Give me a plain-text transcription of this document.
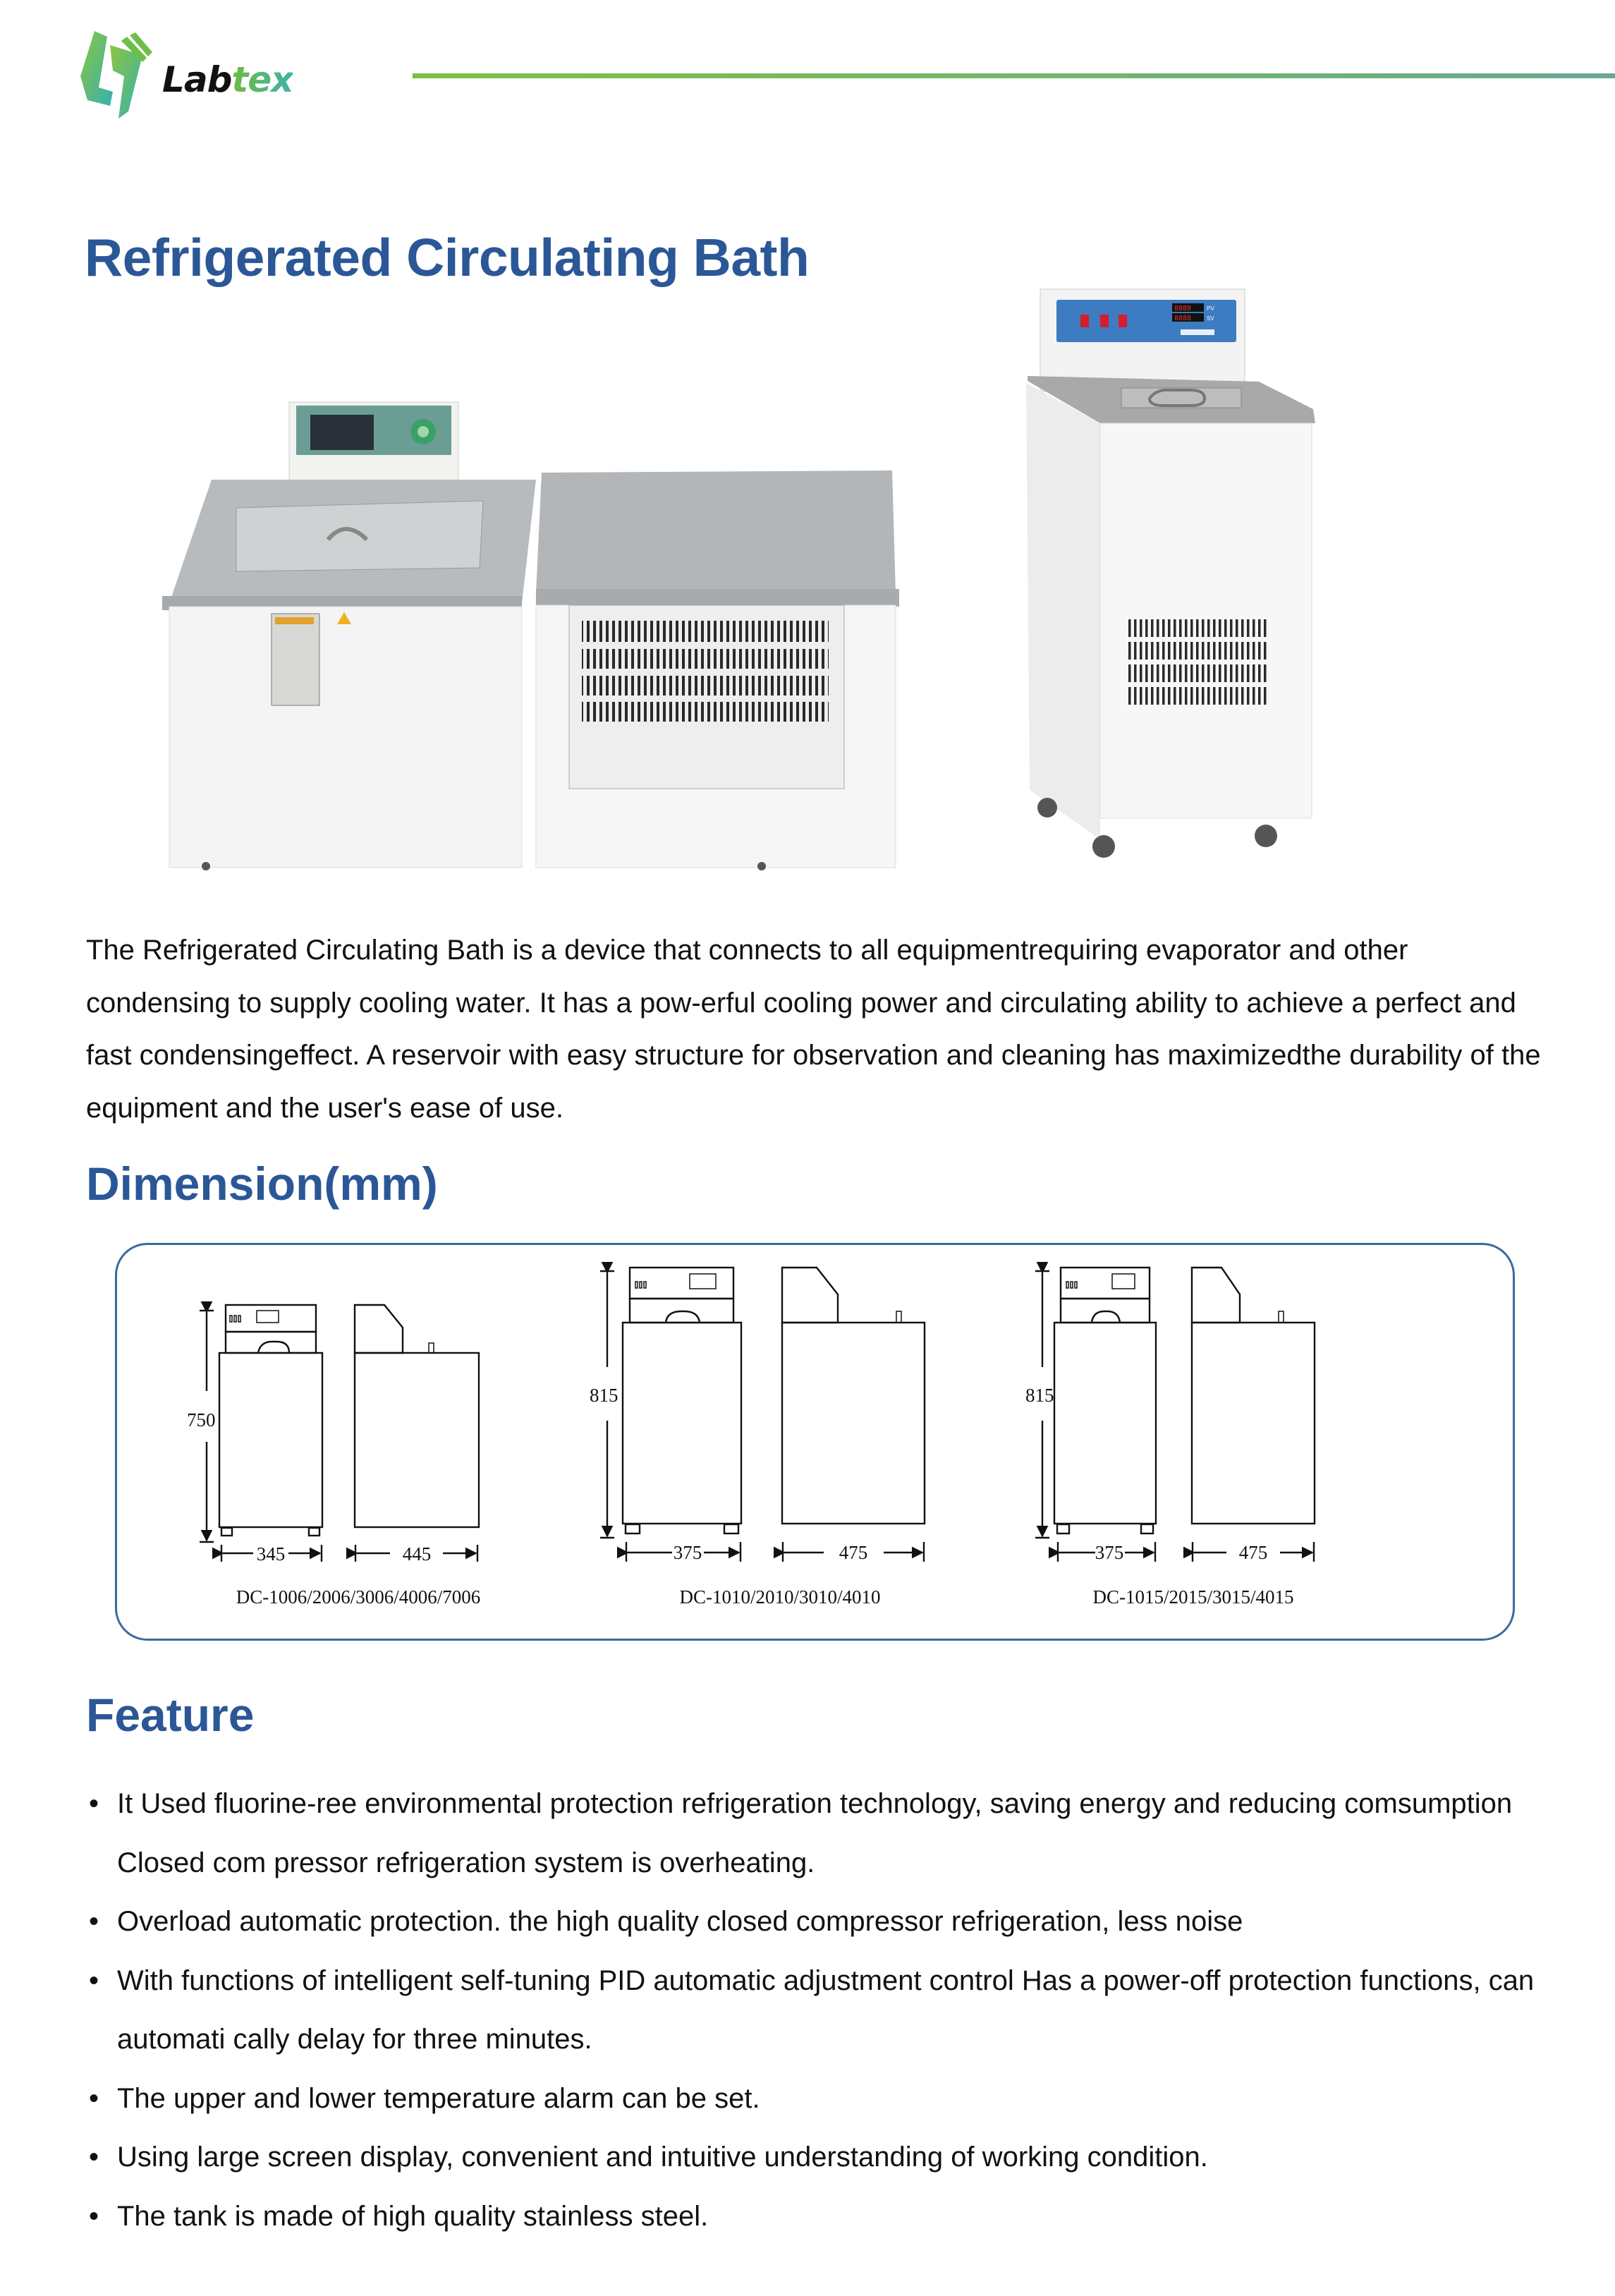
Labtex
Refrigerated Circulating Bath
PV
SV
8888
8888

The Refrigerated Circulating Bath is a device that connects to all equipmentrequiring evaporator and other condensing to supply cooling water. It has a pow-erful cooling power and circulating ability to achieve a perfect and fast condensingeffect. A reservoir with easy structure for observation and cleaning has maximizedthe durability of the equipment and the user's ease of use.

Dimension(mm)
750
345	445
DC-1006/2006/3006/4006/7006
815
375	475
DC-1010/2010/3010/4010
815
375	475
DC-1015/2015/3015/4015
Feature
• It Used fluorine-ree environmental protection refrigeration technology, saving energy and reducing comsumption Closed com pressor refrigeration system is overheating.
• Overload automatic protection. the high quality closed compressor refrigeration, less noise
• With functions of intelligent self-tuning PID automatic adjustment control Has a power-off protection functions, can automati cally delay for three minutes.
• The upper and lower temperature alarm can be set.
• Using large screen display, convenient and intuitive understanding of working condition.
• The tank is made of high quality stainless steel.
